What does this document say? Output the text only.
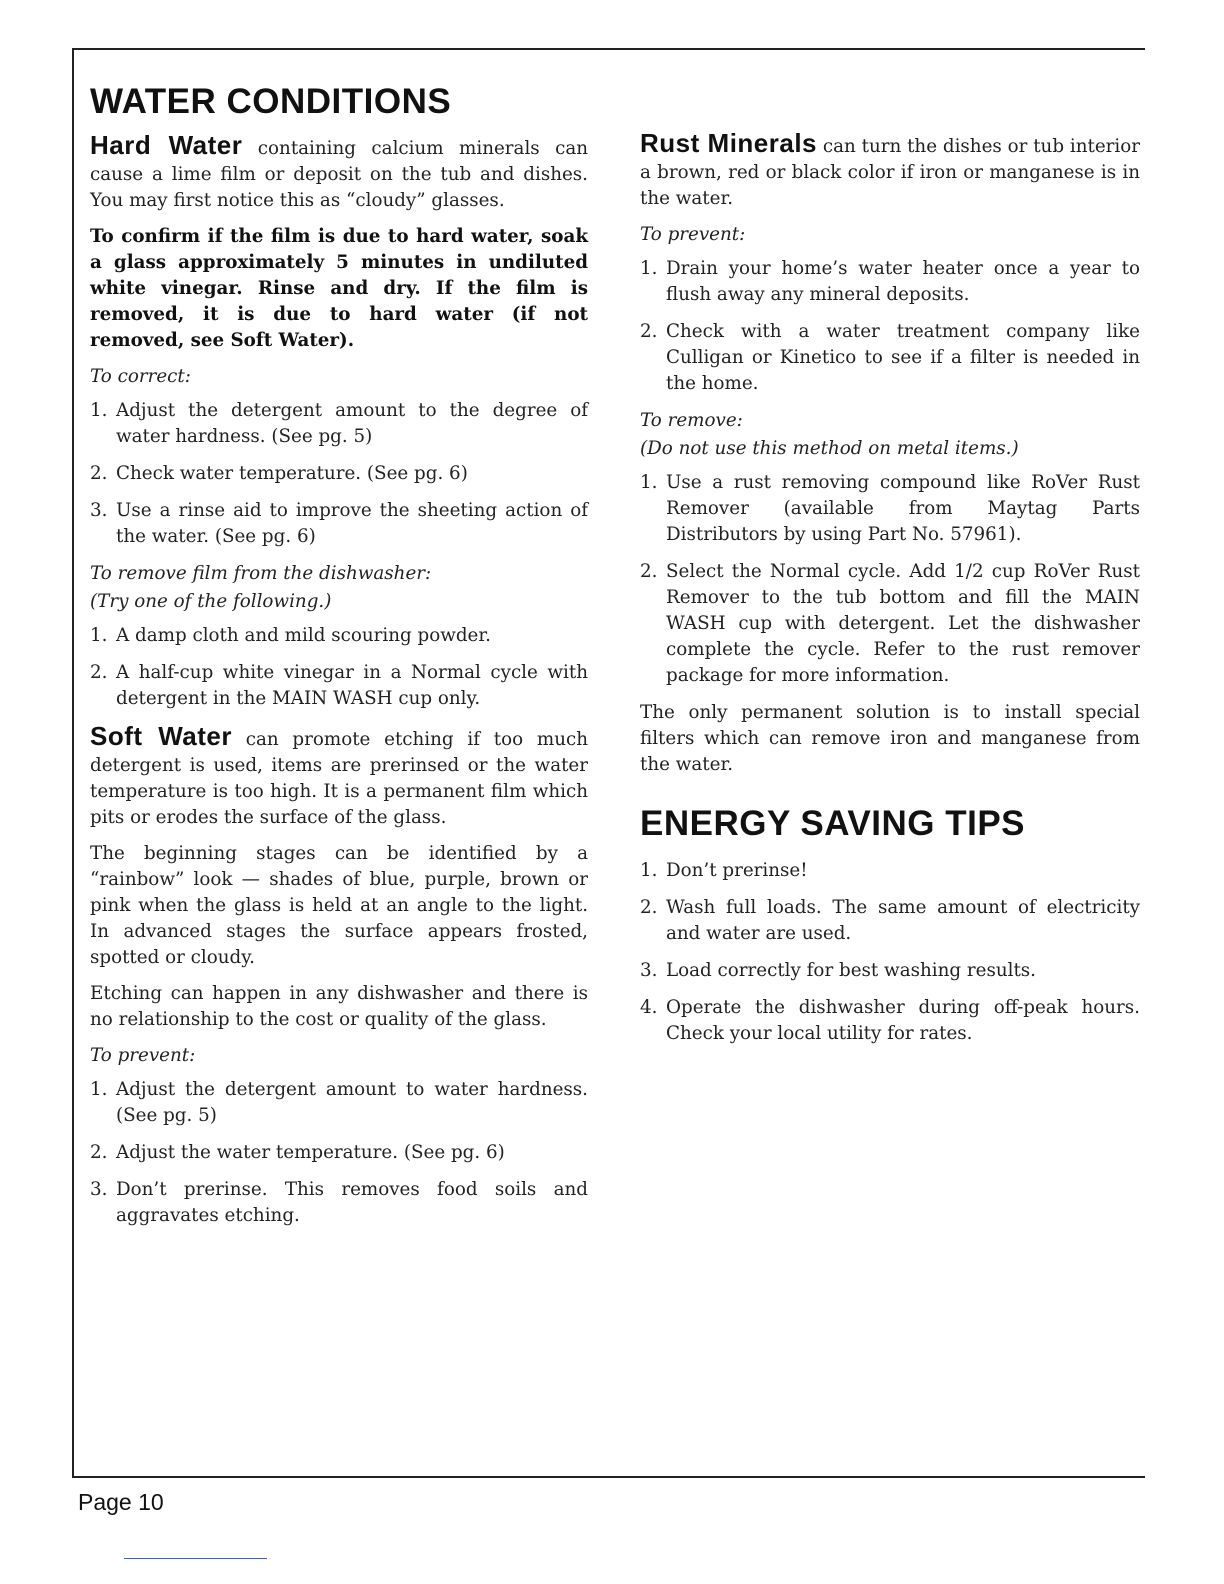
WATER CONDITIONS

Hard Water containing calcium minerals can cause a lime film or deposit on the tub and dishes. You may first notice this as “cloudy” glasses.

To confirm if the film is due to hard water, soak a glass approximately 5 minutes in undiluted white vinegar. Rinse and dry. If the film is removed, it is due to hard water (if not removed, see Soft Water).

To correct:

1. Adjust the detergent amount to the degree of water hardness. (See pg. 5)
2. Check water temperature. (See pg. 6)
3. Use a rinse aid to improve the sheeting action of the water. (See pg. 6)

To remove film from the dishwasher:

(Try one of the following.)

1. A damp cloth and mild scouring powder.
2. A half-cup white vinegar in a Normal cycle with detergent in the MAIN WASH cup only.

Soft Water can promote etching if too much detergent is used, items are prerinsed or the water temperature is too high. It is a permanent film which pits or erodes the surface of the glass.

The beginning stages can be identified by a “rainbow” look — shades of blue, purple, brown or pink when the glass is held at an angle to the light. In advanced stages the surface appears frosted, spotted or cloudy.

Etching can happen in any dishwasher and there is no relationship to the cost or quality of the glass.

To prevent:

1. Adjust the detergent amount to water hardness. (See pg. 5)
2. Adjust the water temperature. (See pg. 6)
3. Don’t prerinse. This removes food soils and aggravates etching.

Rust Minerals can turn the dishes or tub interior a brown, red or black color if iron or manganese is in the water.

To prevent:

1. Drain your home’s water heater once a year to flush away any mineral deposits.
2. Check with a water treatment company like Culligan or Kinetico to see if a filter is needed in the home.

To remove:

(Do not use this method on metal items.)

1. Use a rust removing compound like RoVer Rust Remover (available from Maytag Parts Distributors by using Part No. 57961).
2. Select the Normal cycle. Add 1/2 cup RoVer Rust Remover to the tub bottom and fill the MAIN WASH cup with detergent. Let the dishwasher complete the cycle. Refer to the rust remover package for more information.

The only permanent solution is to install special filters which can remove iron and manganese from the water.

ENERGY SAVING TIPS
1. Don’t prerinse!
2. Wash full loads. The same amount of electricity and water are used.
3. Load correctly for best washing results.
4. Operate the dishwasher during off-peak hours. Check your local utility for rates.

Page 10
